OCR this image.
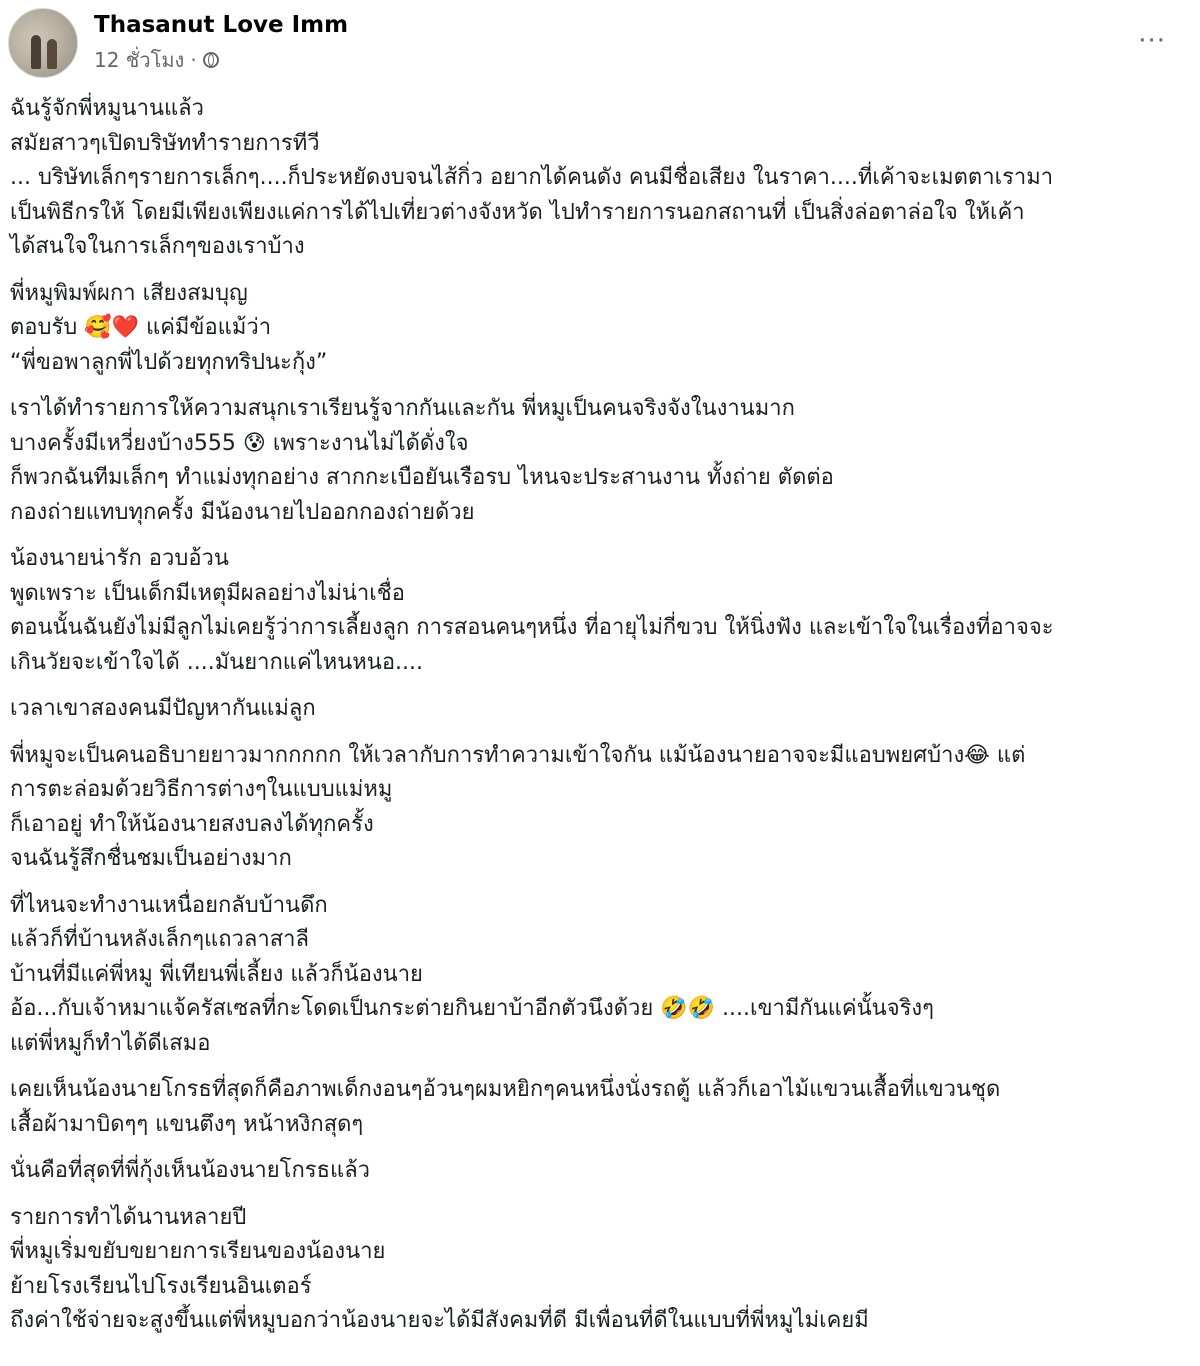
Thasanut Love Imm
12 ชั่วโมง ·
···
ฉันรู้จักพี่หมูนานแล้ว
สมัยสาวๆเปิดบริษัททำรายการทีวี
... บริษัทเล็กๆรายการเล็กๆ....ก็ประหยัดงบจนไส้กิ่ว อยากได้คนดัง คนมีชื่อเสียง ในราคา....ที่เค้าจะเมตตาเรามา
เป็นพิธีกรให้ โดยมีเพียงเพียงแค่การได้ไปเที่ยวต่างจังหวัด ไปทำรายการนอกสถานที่ เป็นสิ่งล่อตาล่อใจ ให้เค้า
ได้สนใจในการเล็กๆของเราบ้าง
พี่หมูพิมพ์ผกา เสียงสมบุญ
ตอบรับ 🥰❤️ แค่มีข้อแม้ว่า
“พี่ขอพาลูกพี่ไปด้วยทุกทริปนะกุ้ง”
เราได้ทำรายการให้ความสนุกเราเรียนรู้จากกันและกัน พี่หมูเป็นคนจริงจังในงานมาก
บางครั้งมีเหวี่ยงบ้าง555 😰 เพราะงานไม่ได้ดั่งใจ
ก็พวกฉันทีมเล็กๆ ทำแม่งทุกอย่าง สากกะเบือยันเรือรบ ไหนจะประสานงาน ทั้งถ่าย ตัดต่อ
กองถ่ายแทบทุกครั้ง มีน้องนายไปออกกองถ่ายด้วย
น้องนายน่ารัก อวบอ้วน
พูดเพราะ เป็นเด็กมีเหตุมีผลอย่างไม่น่าเชื่อ
ตอนนั้นฉันยังไม่มีลูกไม่เคยรู้ว่าการเลี้ยงลูก การสอนคนๆหนึ่ง ที่อายุไม่กี่ขวบ ให้นิ่งฟัง และเข้าใจในเรื่องที่อาจจะ
เกินวัยจะเข้าใจได้ ....มันยากแค่ไหนหนอ....
เวลาเขาสองคนมีปัญหากันแม่ลูก
พี่หมูจะเป็นคนอธิบายยาวมากกกกก ให้เวลากับการทำความเข้าใจกัน แม้น้องนายอาจจะมีแอบพยศบ้าง😂 แต่
การตะล่อมด้วยวิธีการต่างๆในแบบแม่หมู
ก็เอาอยู่ ทำให้น้องนายสงบลงได้ทุกครั้ง
จนฉันรู้สึกชื่นชมเป็นอย่างมาก
ที่ไหนจะทำงานเหนื่อยกลับบ้านดึก
แล้วก็ที่บ้านหลังเล็กๆแถวลาสาลี
บ้านที่มีแค่พี่หมู พี่เทียนพี่เลี้ยง แล้วก็น้องนาย
อ้อ...กับเจ้าหมาแจ้ครัสเซลที่กะโดดเป็นกระต่ายกินยาบ้าอีกตัวนึงด้วย 🤣🤣 ....เขามีกันแค่นั้นจริงๆ
แต่พี่หมูก็ทำได้ดีเสมอ
เคยเห็นน้องนายโกรธที่สุดก็คือภาพเด็กงอนๆอ้วนๆผมหยิกๆคนหนึ่งนั่งรถตู้ แล้วก็เอาไม้แขวนเสื้อที่แขวนชุด
เสื้อผ้ามาบิดๆๆ แขนตึงๆ หน้าหงิกสุดๆ
นั่นคือที่สุดที่พี่กุ้งเห็นน้องนายโกรธแล้ว
รายการทำได้นานหลายปี
พี่หมูเริ่มขยับขยายการเรียนของน้องนาย
ย้ายโรงเรียนไปโรงเรียนอินเตอร์
ถึงค่าใช้จ่ายจะสูงขึ้นแต่พี่หมูบอกว่าน้องนายจะได้มีสังคมที่ดี มีเพื่อนที่ดีในแบบที่พี่หมูไม่เคยมี
